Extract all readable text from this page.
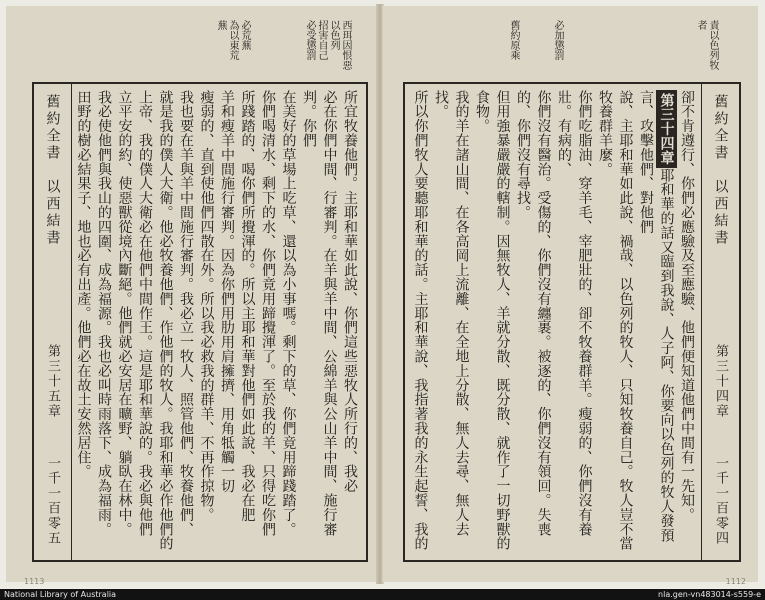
西珥因恨惡
以色列
招害自己
必受懲罰
必荒蕪
為以東荒
蕪
舊約全書　以西結書
第三十五章
一千一百零五
所宜牧養他們。主耶和華如此說、你們這些惡牧人所行的、我必
必在你們中間、行審判。在羊與羊中間、公綿羊與公山羊中間、施行審判。你們
在美好的草場上吃草、還以為小事嗎。剩下的草、你們竟用蹄踐踏了。
你們喝清水、剩下的水、你們竟用蹄攪渾了。至於我的羊、只得吃你們
所踐踏的、喝你們所攪渾的。所以主耶和華對他們如此說、我必在肥
羊和瘦羊中間施行審判。因為你們用肋用肩擁擠、用角牴觸一切
瘦弱的、直到使他們四散在外。所以我必救我的群羊、不再作掠物。
我也要在羊與羊中間施行審判。我必立一牧人、照管他們、牧養他們、
就是我的僕人大衛。他必牧養他們、作他們的牧人。我耶和華必作他們的
上帝、我的僕人大衛必在他們中間作王。這是耶和華說的。我必與他們
立平安的約、使惡獸從境內斷絕。他們就必安居在曠野、躺臥在林中。
我必使他們與我山的四圍、成為福源。我也必叫時雨落下、成為福雨。
田野的樹必結果子、地也必有出產。他們必在故土安然居住。
1113
責以色列牧
者
必加懲罰
舊約原乘
舊約全書　以西結書
第三十四章
一千一百零四
卻不肯遵行、你們必應驗及至應驗、他們便知道他們中間有一先知。
第三十四章耶和華的話又臨到我說、人子阿、你要向以色列的牧人發預言、攻擊他們、對他們
說、主耶和華如此說、禍哉、以色列的牧人、只知牧養自己。牧人豈不當牧養群羊麼。
你們吃脂油、穿羊毛、宰肥壯的、卻不牧養群羊。瘦弱的、你們沒有養壯。有病的、
你們沒有醫治。受傷的、你們沒有纏裹。被逐的、你們沒有領回。失喪的、你們沒有尋找。
但用強暴嚴嚴的轄制。因無牧人、羊就分散、既分散、就作了一切野獸的食物。
我的羊在諸山間、在各高岡上流離、在全地上分散、無人去尋、無人去找。
所以你們牧人要聽耶和華的話。主耶和華說、我指著我的永生起誓、我的
1112
National Library of Australia	nla.gen-vn483014-s559-e
